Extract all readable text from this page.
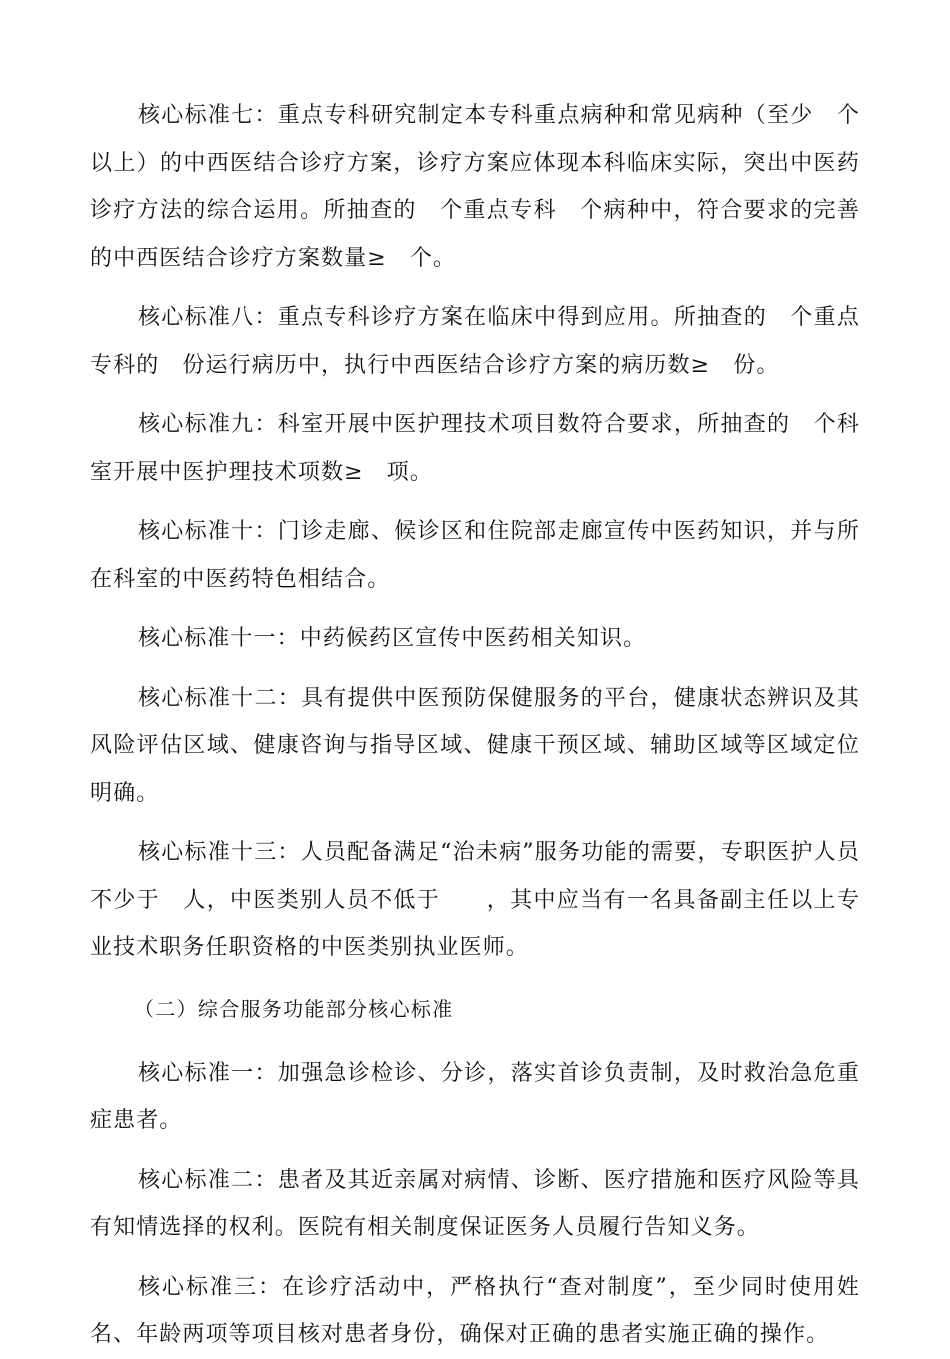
核心标准七：重点专科研究制定本专科重点病种和常见病种（至少　个以上）的中西医结合诊疗方案，诊疗方案应体现本科临床实际，突出中医药诊疗方法的综合运用。所抽查的　个重点专科　个病种中，符合要求的完善的中西医结合诊疗方案数量≥　个。

核心标准八：重点专科诊疗方案在临床中得到应用。所抽查的　个重点专科的　份运行病历中，执行中西医结合诊疗方案的病历数≥　份。

核心标准九：科室开展中医护理技术项目数符合要求，所抽查的　个科室开展中医护理技术项数≥　项。

核心标准十：门诊走廊、候诊区和住院部走廊宣传中医药知识，并与所在科室的中医药特色相结合。

核心标准十一：中药候药区宣传中医药相关知识。

核心标准十二：具有提供中医预防保健服务的平台，健康状态辨识及其风险评估区域、健康咨询与指导区域、健康干预区域、辅助区域等区域定位明确。

核心标准十三：人员配备满足“治未病”服务功能的需要，专职医护人员不少于　人，中医类别人员不低于　　，其中应当有一名具备副主任以上专业技术职务任职资格的中医类别执业医师。

（二）综合服务功能部分核心标准

核心标准一：加强急诊检诊、分诊，落实首诊负责制，及时救治急危重症患者。

核心标准二：患者及其近亲属对病情、诊断、医疗措施和医疗风险等具有知情选择的权利。医院有相关制度保证医务人员履行告知义务。

核心标准三：在诊疗活动中，严格执行“查对制度”，至少同时使用姓名、年龄两项等项目核对患者身份，确保对正确的患者实施正确的操作。
